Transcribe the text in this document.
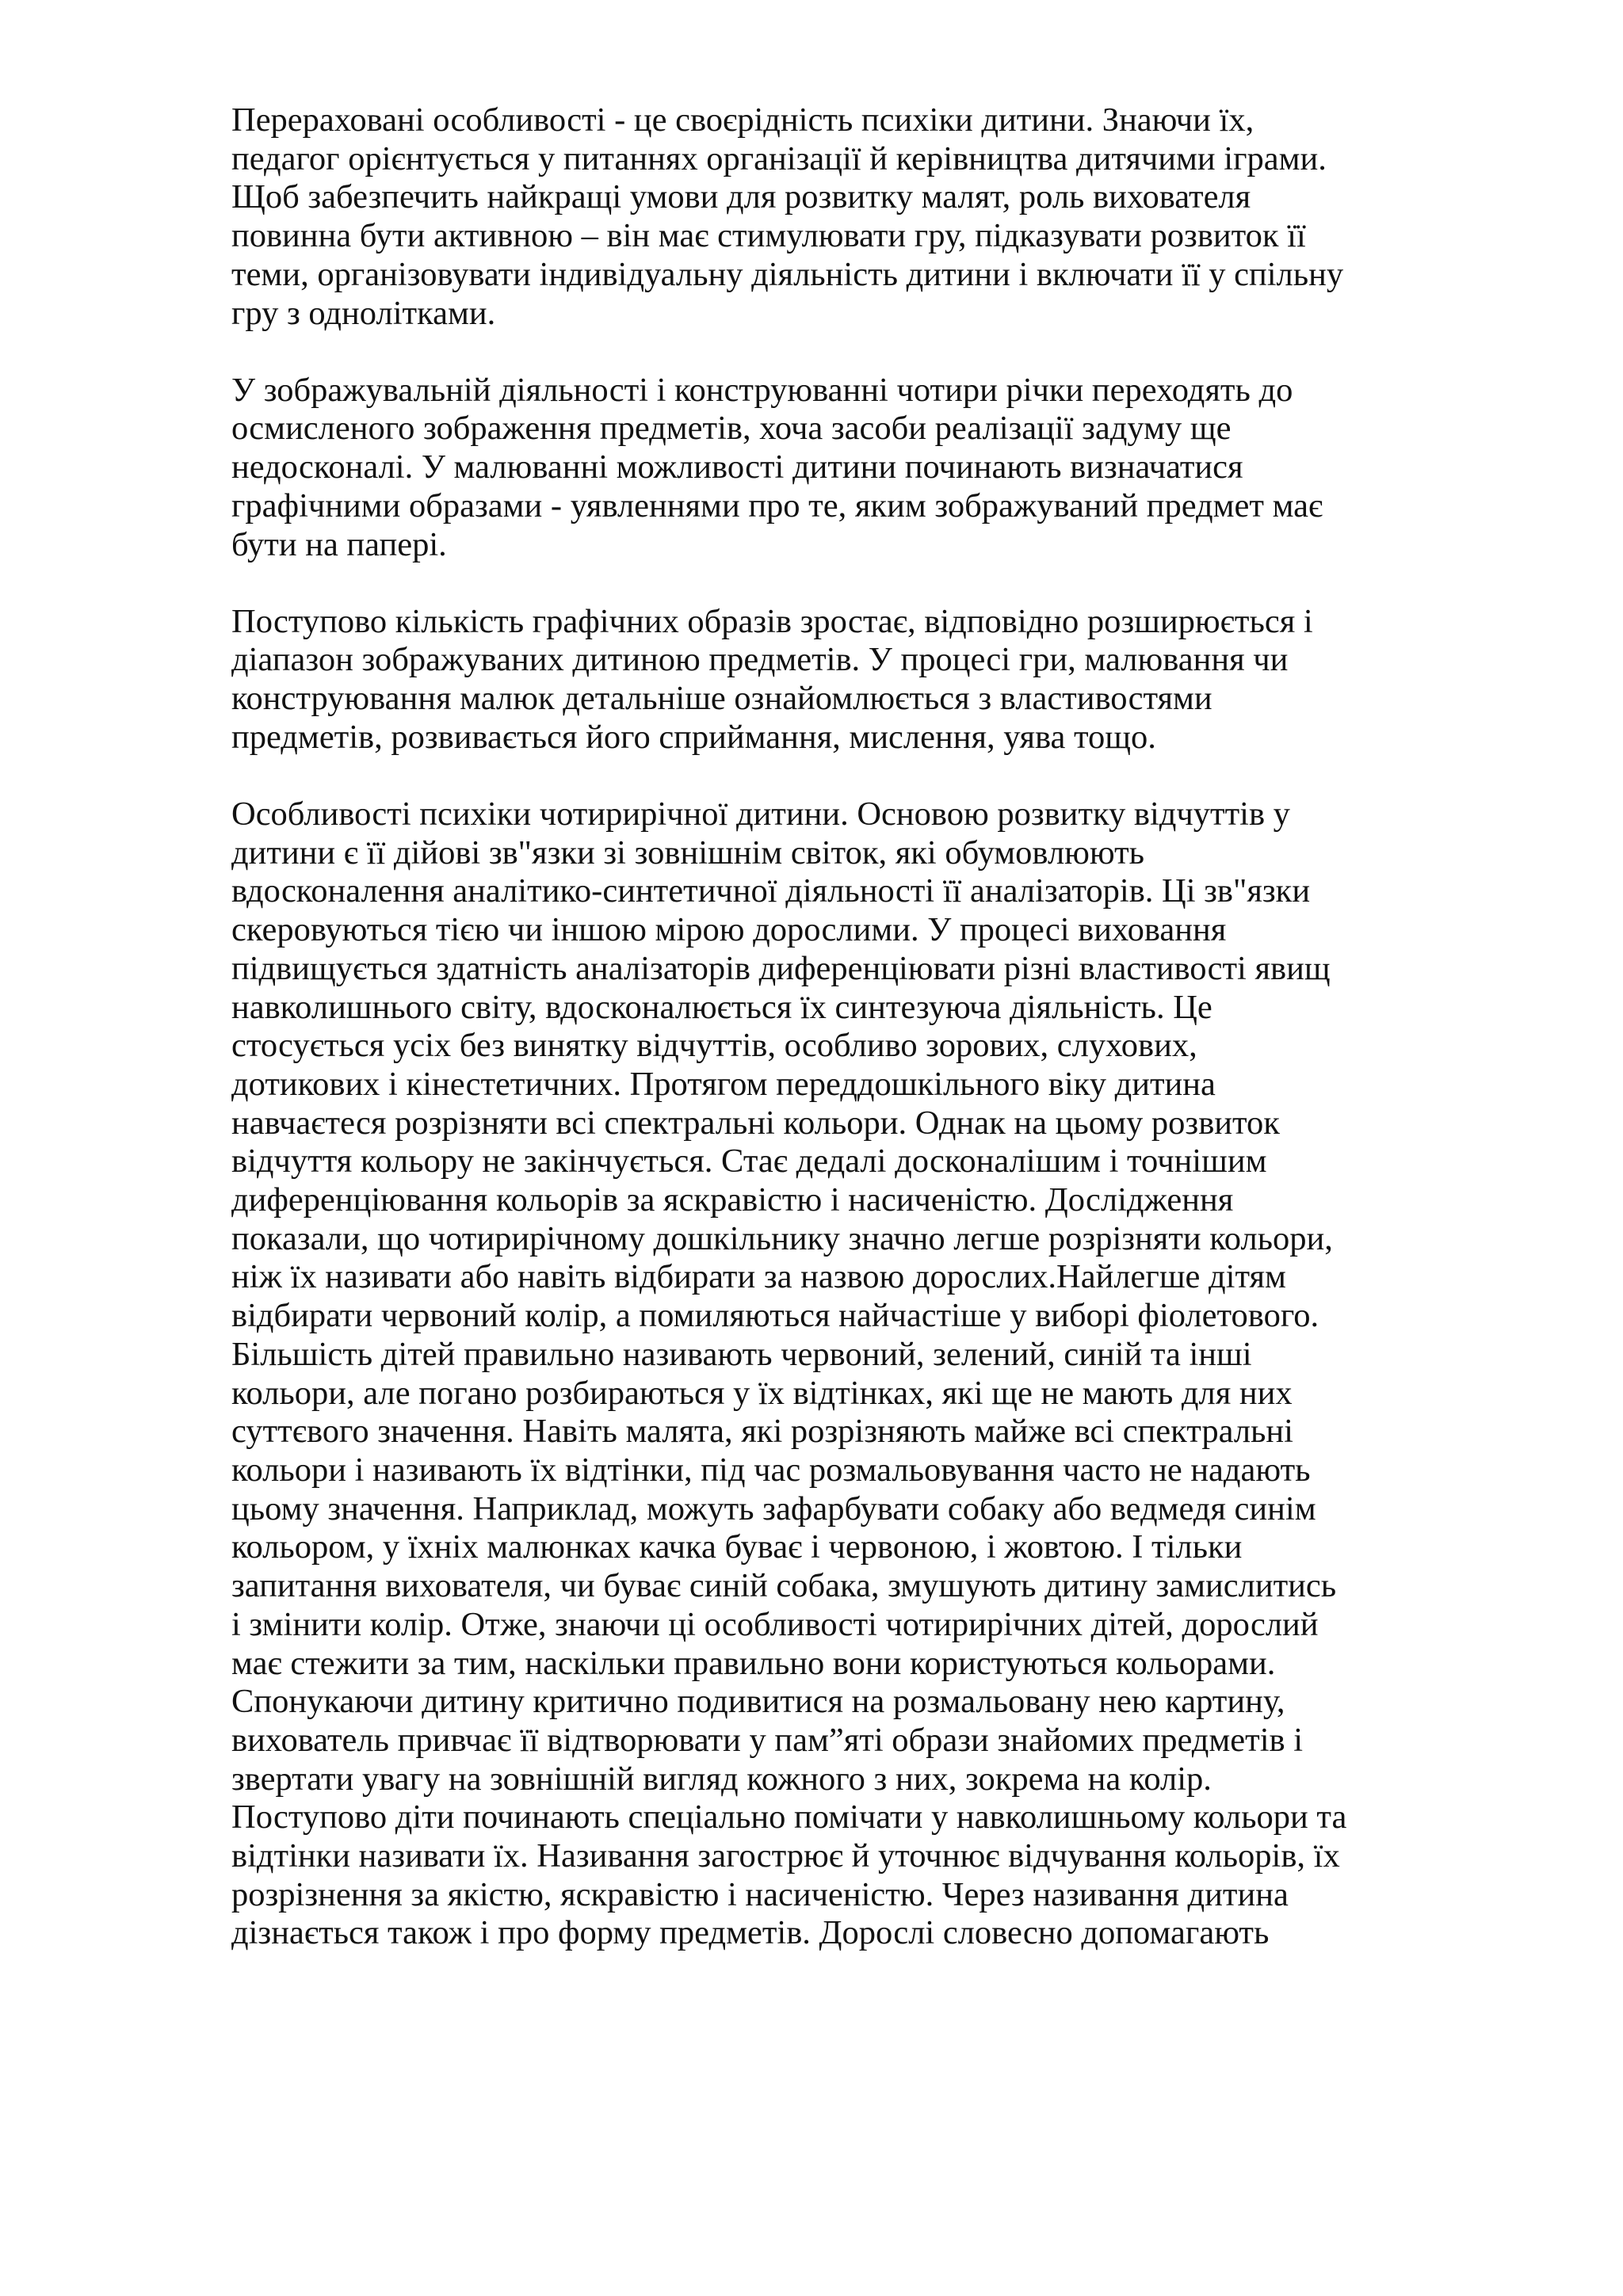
Перераховані особливості - це своєрідність психіки дитини. Знаючи їх,
педагог орієнтується у питаннях організації й керівництва дитячими іграми.
Щоб забезпечить найкращі умови для розвитку малят, роль вихователя
повинна бути активною – він має стимулювати гру, підказувати розвиток її
теми, організовувати індивідуальну діяльність дитини і включати її у спільну
гру з однолітками.
У зображувальній діяльності і конструюванні чотири річки переходять до
осмисленого зображення предметів, хоча засоби реалізації задуму ще
недосконалі. У малюванні можливості дитини починають визначатися
графічними образами - уявленнями про те, яким зображуваний предмет має
бути на папері.
Поступово кількість графічних образів зростає, відповідно розширюється і
діапазон зображуваних дитиною предметів. У процесі гри, малювання чи
конструювання малюк детальніше ознайомлюється з властивостями
предметів, розвивається його сприймання, мислення, уява тощо.
Особливості психіки чотирирічної дитини. Основою розвитку відчуттів у
дитини є її дійові зв"язки зі зовнішнім світок, які обумовлюють
вдосконалення аналітико-синтетичної діяльності її аналізаторів. Ці зв"язки
скеровуються тією чи іншою мірою дорослими. У процесі виховання
підвищується здатність аналізаторів диференціювати різні властивості явищ
навколишнього світу, вдосконалюється їх синтезуюча діяльність. Це
стосується усіх без винятку відчуттів, особливо зорових, слухових,
дотикових і кінестетичних. Протягом переддошкільного віку дитина
навчаєтеся розрізняти всі спектральні кольори. Однак на цьому розвиток
відчуття кольору не закінчується. Стає дедалі досконалішим і точнішим
диференціювання кольорів за яскравістю і насиченістю. Дослідження
показали, що чотирирічному дошкільнику значно легше розрізняти кольори,
ніж їх називати або навіть відбирати за назвою дорослих.Найлегше дітям
відбирати червоний колір, а помиляються найчастіше у виборі фіолетового.
Більшість дітей правильно називають червоний, зелений, синій та інші
кольори, але погано розбираються у їх відтінках, які ще не мають для них
суттєвого значення. Навіть малята, які розрізняють майже всі спектральні
кольори і називають їх відтінки, під час розмальовування часто не надають
цьому значення. Наприклад, можуть зафарбувати собаку або ведмедя синім
кольором, у їхніх малюнках качка буває і червоною, і жовтою. І тільки
запитання вихователя, чи буває синій собака, змушують дитину замислитись
і змінити колір. Отже, знаючи ці особливості чотирирічних дітей, дорослий
має стежити за тим, наскільки правильно вони користуються кольорами.
Спонукаючи дитину критично подивитися на розмальовану нею картину,
вихователь привчає її відтворювати у пам”яті образи знайомих предметів і
звертати увагу на зовнішній вигляд кожного з них, зокрема на колір.
Поступово діти починають спеціально помічати у навколишньому кольори та
відтінки називати їх. Називання загострює й уточнює відчування кольорів, їх
розрізнення за якістю, яскравістю і насиченістю. Через називання дитина
дізнається також і про форму предметів. Дорослі словесно допомагають
